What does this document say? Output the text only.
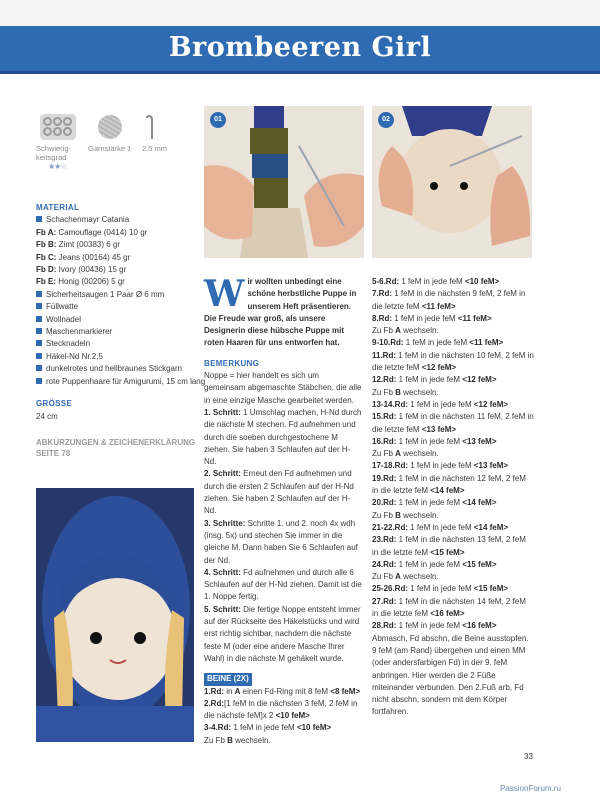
Brombeeren Girl
Schwierig-keitsgrad
★★☆
Garnstärke 1 2.5 mm
MATERIAL
Schachenmayr Catania
Fb A: Camouflage (0414) 10 gr
Fb B: Zimt (00383) 6 gr
Fb C: Jeans (00164) 45 gr
Fb D: Ivory (00436) 15 gr
Fb E: Honig (00206) 5 gr
Sicherheitsaugen 1 Paar Ø 6 mm
Füllwatte
Wollnadel
Maschenmarkierer
Stecknadeln
Häkel-Nd Nr.2,5
dunkelrotes und hellbraunes Stickgarn
rote Puppenhaare für Amigurumi, 15 cm lang
GRÖSSE
24 cm
ABKÜRZUNGEN & ZEICHENERKLÄRUNG
SEITE 78
01	02
Wir wollten unbedingt eine schöne herbstliche Puppe in unserem Heft präsentieren. Die Freude war groß, als unsere Designerin diese hübsche Puppe mit roten Haaren für uns entworfen hat.
BEMERKUNG

Noppe = hier handelt es sich um gemeinsam abgemaschte Stäbchen, die alle in eine einzige Masche gearbeitet werden.

1. Schritt: 1 Umschlag machen, H-Nd durch die nächste M stechen. Fd aufnehmen und durch die soeben durchgestochene M ziehen. Sie haben 3 Schlaufen auf der H-Nd.

2. Schritt: Erneut den Fd aufnehmen und durch die ersten 2 Schlaufen auf der H-Nd ziehen. Sie haben 2 Schlaufen auf der H-Nd.

3. Schritte: Schritte 1. und 2. noch 4x wdh (insg. 5x) und stechen Sie immer in die gleiche M. Dann haben Sie 6 Schlaufen auf der Nd.

4. Schritt: Fd aufnehmen und durch alle 6 Schlaufen auf der H-Nd ziehen. Damit ist die 1. Noppe fertig.

5. Schritt: Die fertige Noppe entsteht immer auf der Rückseite des Häkelstücks und wird erst richtig sichtbar, nachdem die nächste feste M (oder eine andere Masche Ihrer Wahl) in die nächste M gehäkelt wurde.

BEINE (2X)

1.Rd: in A einen Fd-Ring mit 8 feM <8 feM>

2.Rd:[1 feM in die nächsten 3 feM, 2 feM in die nächste feM]x 2 <10 feM>

3-4.Rd: 1 feM in jede feM <10 feM>

Zu Fb B wechseln.

5-6.Rd: 1 feM in jede feM <10 feM>

7.Rd: 1 feM in die nächsten 9 feM, 2 feM in die letzte feM <11 feM>

8.Rd: 1 feM in jede feM <11 feM>

Zu Fb A wechseln.

9-10.Rd: 1 feM in jede feM <11 feM>

11.Rd: 1 feM in die nächsten 10 feM, 2 feM in die letzte feM <12 feM>

12.Rd: 1 feM in jede feM <12 feM>

Zu Fb B wechseln.

13-14.Rd: 1 feM in jede feM <12 feM>

15.Rd: 1 feM in die nächsten 11 feM, 2 feM in die letzte feM <13 feM>

16.Rd: 1 feM in jede feM <13 feM>

Zu Fb A wechseln.

17-18.Rd: 1 feM in jede feM <13 feM>

19.Rd: 1 feM in die nächsten 12 feM, 2 feM in die letzte feM <14 feM>

20.Rd: 1 feM in jede feM <14 feM>

Zu Fb B wechseln.

21-22.Rd: 1 feM in jede feM <14 feM>

23.Rd: 1 feM in die nächsten 13 feM, 2 feM in die letzte feM <15 feM>

24.Rd: 1 feM in jede feM <15 feM>

Zu Fb A wechseln.

25-26.Rd: 1 feM in jede feM <15 feM>

27.Rd: 1 feM in die nächsten 14 feM, 2 feM in die letzte feM <16 feM>

28.Rd: 1 feM in jede feM <16 feM>

Abmasch, Fd abschn, die Beine ausstopfen. 9 feM (am Rand) übergehen und einen MM (oder andersfarbigen Fd) in der 9. feM anbringen. Hier werden die 2 Füße miteinander verbunden. Den 2.Fuß arb, Fd nicht abschn, sondern mit dem Körper fortfahren.

33
PassionForum.ru
